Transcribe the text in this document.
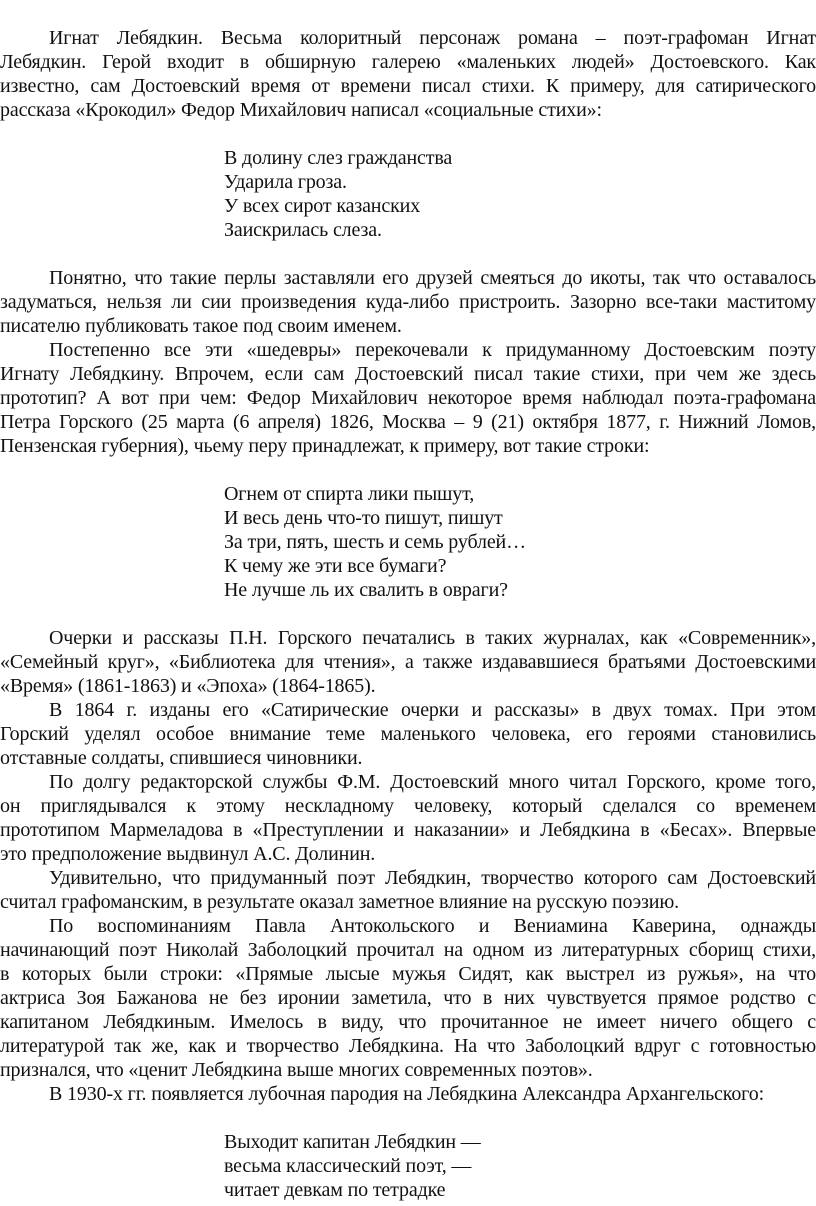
Игнат Лебядкин. Весьма колоритный персонаж романа – поэт-графоман Игнат
Лебядкин. Герой входит в обширную галерею «маленьких людей» Достоевского. Как
известно, сам Достоевский время от времени писал стихи. К примеру, для сатирического
рассказа «Крокодил» Федор Михайлович написал «социальные стихи»:
В долину слез гражданства
Ударила гроза.
У всех сирот казанских
Заискрилась слеза.
Понятно, что такие перлы заставляли его друзей смеяться до икоты, так что оставалось
задуматься, нельзя ли сии произведения куда-либо пристроить. Зазорно все-таки маститому
писателю публиковать такое под своим именем.
Постепенно все эти «шедевры» перекочевали к придуманному Достоевским поэту
Игнату Лебядкину. Впрочем, если сам Достоевский писал такие стихи, при чем же здесь
прототип? А вот при чем: Федор Михайлович некоторое время наблюдал поэта-графомана
Петра Горского (25 марта (6 апреля) 1826, Москва – 9 (21) октября 1877, г. Нижний Ломов,
Пензенская губерния), чьему перу принадлежат, к примеру, вот такие строки:
Огнем от спирта лики пышут,
И весь день что-то пишут, пишут
За три, пять, шесть и семь рублей…
К чему же эти все бумаги?
Не лучше ль их свалить в овраги?
Очерки и рассказы П.Н. Горского печатались в таких журналах, как «Современник»,
«Семейный круг», «Библиотека для чтения», а также издававшиеся братьями Достоевскими
«Время» (1861-1863) и «Эпоха» (1864-1865).
В 1864 г. изданы его «Сатирические очерки и рассказы» в двух томах. При этом
Горский уделял особое внимание теме маленького человека, его героями становились
отставные солдаты, спившиеся чиновники.
По долгу редакторской службы Ф.М. Достоевский много читал Горского, кроме того,
он приглядывался к этому нескладному человеку, который сделался со временем
прототипом Мармеладова в «Преступлении и наказании» и Лебядкина в «Бесах». Впервые
это предположение выдвинул А.С. Долинин.
Удивительно, что придуманный поэт Лебядкин, творчество которого сам Достоевский
считал графоманским, в результате оказал заметное влияние на русскую поэзию.
По воспоминаниям Павла Антокольского и Вениамина Каверина, однажды
начинающий поэт Николай Заболоцкий прочитал на одном из литературных сборищ стихи,
в которых были строки: «Прямые лысые мужья Сидят, как выстрел из ружья», на что
актриса Зоя Бажанова не без иронии заметила, что в них чувствуется прямое родство с
капитаном Лебядкиным. Имелось в виду, что прочитанное не имеет ничего общего с
литературой так же, как и творчество Лебядкина. На что Заболоцкий вдруг с готовностью
признался, что «ценит Лебядкина выше многих современных поэтов».
В 1930-х гг. появляется лубочная пародия на Лебядкина Александра Архангельского:
Выходит капитан Лебядкин —
весьма классический поэт, —
читает девкам по тетрадке
